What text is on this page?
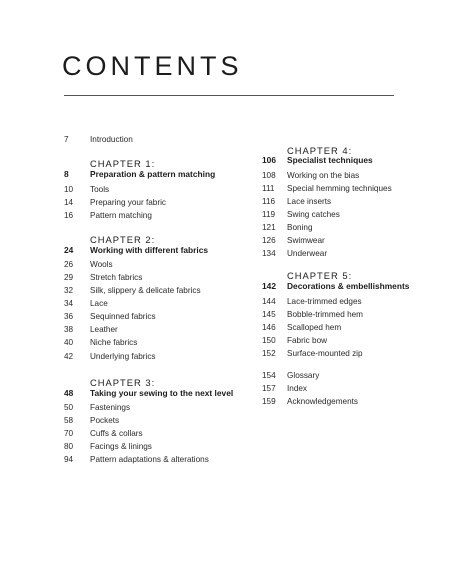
CONTENTS
7	Introduction
CHAPTER 1:
8	Preparation & pattern matching
10 Tools
14 Preparing your fabric
16 Pattern matching
CHAPTER 2:
24 Working with different fabrics
26 Wools
29 Stretch fabrics
32 Silk, slippery & delicate fabrics
34 Lace
36 Sequinned fabrics
38 Leather
40 Niche fabrics
42 Underlying fabrics
CHAPTER 3:
48 Taking your sewing to the next level
50 Fastenings
58 Pockets
70 Cuffs & collars
80 Facings & linings
94 Pattern adaptations & alterations
CHAPTER 4:
106 Specialist techniques
108 Working on the bias
111 Special hemming techniques
116 Lace inserts
119 Swing catches
121 Boning
126 Swimwear
134 Underwear
CHAPTER 5:
142 Decorations & embellishments
144 Lace-trimmed edges
145 Bobble-trimmed hem
146 Scalloped hem
150 Fabric bow
152 Surface-mounted zip
154 Glossary
157 Index
159 Acknowledgements
